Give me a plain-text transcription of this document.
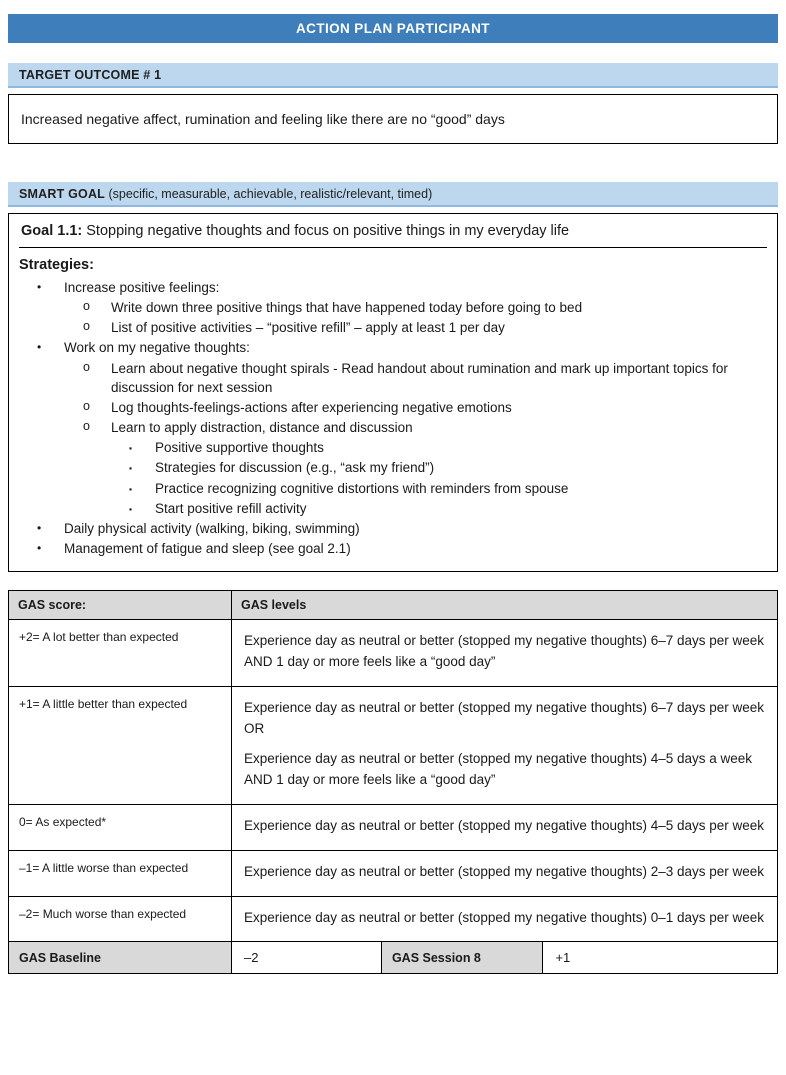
ACTION PLAN PARTICIPANT
TARGET OUTCOME # 1
Increased negative affect, rumination and feeling like there are no “good” days
SMART GOAL (specific, measurable, achievable, realistic/relevant, timed)
Goal 1.1: Stopping negative thoughts and focus on positive things in my everyday life
Strategies:
•	Increase positive feelings:
o	Write down three positive things that have happened today before going to bed
o	List of positive activities – “positive refill” – apply at least 1 per day
•	Work on my negative thoughts:
o	Learn about negative thought spirals - Read handout about rumination and mark up important topics for discussion for next session
o	Log thoughts-feelings-actions after experiencing negative emotions
o	Learn to apply distraction, distance and discussion
▪	Positive supportive thoughts
▪	Strategies for discussion (e.g., “ask my friend”)
▪	Practice recognizing cognitive distortions with reminders from spouse
▪	Start positive refill activity
•	Daily physical activity (walking, biking, swimming)
•	Management of fatigue and sleep (see goal 2.1)
GAS score:	GAS levels		
+2= A lot better than expected	Experience day as neutral or better (stopped my negative thoughts) 6–7 days per week AND 1 day or more feels like a “good day”		

+1= A little better than expected	Experience day as neutral or better (stopped my negative thoughts) 6–7 days per week OR

Experience day as neutral or better (stopped my negative thoughts) 4–5 days a week AND 1 day or more feels like a “good day”		

0= As expected*	Experience day as neutral or better (stopped my negative thoughts) 4–5 days per week		

–1= A little worse than expected	Experience day as neutral or better (stopped my negative thoughts) 2–3 days per week		

–2= Much worse than expected	Experience day as neutral or better (stopped my negative thoughts) 0–1 days per week		

GAS Baseline	–2	GAS Session 8	+1
